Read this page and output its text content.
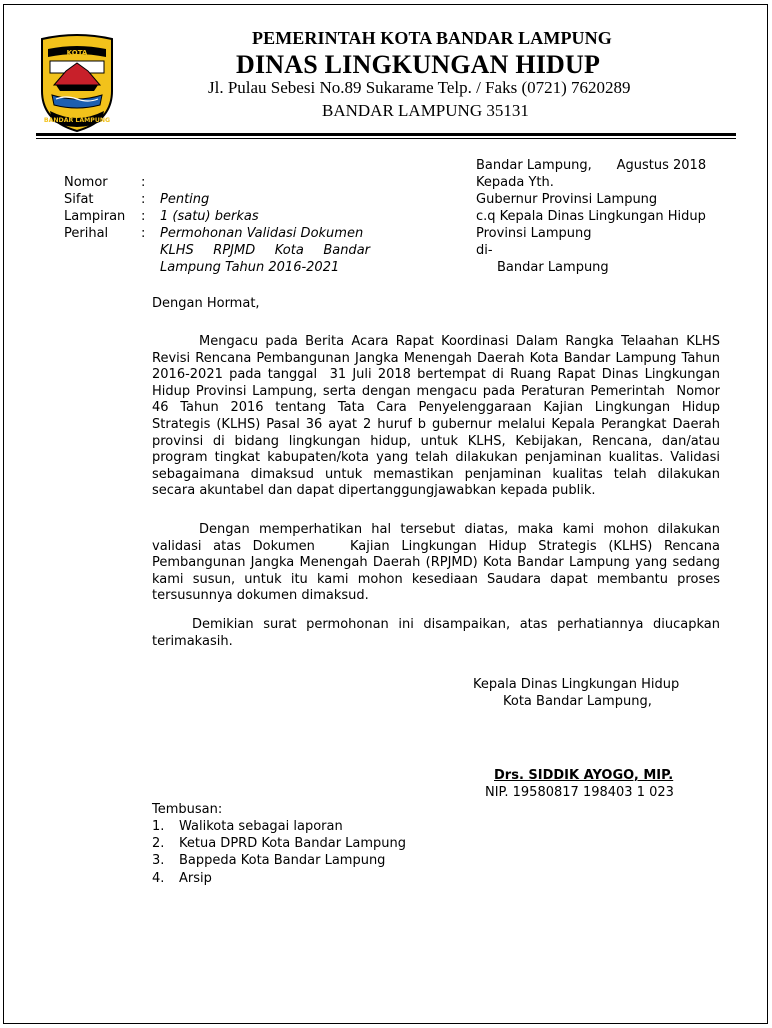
KOTA
BANDAR LAMPUNG
PEMERINTAH KOTA BANDAR LAMPUNG
DINAS LINGKUNGAN HIDUP
Jl. Pulau Sebesi No.89 Sukarame Telp. / Faks (0721) 7620289
BANDAR LAMPUNG 35131
Nomor	:
Sifat	: Penting
Lampiran : 1 (satu) berkas
Perihal	: Permohonan Validasi Dokumen
KLHS RPJMD Kota Bandar
Lampung Tahun 2016-2021
Bandar Lampung,      Agustus 2018
Kepada Yth.
Gubernur Provinsi Lampung
c.q Kepala Dinas Lingkungan Hidup
Provinsi Lampung
di-
Bandar Lampung
Dengan Hormat,
Mengacu pada Berita Acara Rapat Koordinasi Dalam Rangka Telaahan KLHS
Revisi Rencana Pembangunan Jangka Menengah Daerah Kota Bandar Lampung Tahun
2016-2021 pada tanggal  31 Juli 2018 bertempat di Ruang Rapat Dinas Lingkungan
Hidup Provinsi Lampung, serta dengan mengacu pada Peraturan Pemerintah  Nomor
46 Tahun 2016 tentang Tata Cara Penyelenggaraan Kajian Lingkungan Hidup
Strategis (KLHS) Pasal 36 ayat 2 huruf b gubernur melalui Kepala Perangkat Daerah
provinsi di bidang lingkungan hidup, untuk KLHS, Kebijakan, Rencana, dan/atau
program tingkat kabupaten/kota yang telah dilakukan penjaminan kualitas. Validasi
sebagaimana dimaksud untuk memastikan penjaminan kualitas telah dilakukan
secara akuntabel dan dapat dipertanggungjawabkan kepada publik.
Dengan memperhatikan hal tersebut diatas, maka kami mohon dilakukan
validasi atas Dokumen   Kajian Lingkungan Hidup Strategis (KLHS) Rencana
Pembangunan Jangka Menengah Daerah (RPJMD) Kota Bandar Lampung yang sedang
kami susun, untuk itu kami mohon kesediaan Saudara dapat membantu proses
tersusunnya dokumen dimaksud.
Demikian surat permohonan ini disampaikan, atas perhatiannya diucapkan
terimakasih.
Kepala Dinas Lingkungan Hidup
Kota Bandar Lampung,
Drs. SIDDIK AYOGO, MIP.
NIP. 19580817 198403 1 023
Tembusan:
1. Walikota sebagai laporan
2. Ketua DPRD Kota Bandar Lampung
3. Bappeda Kota Bandar Lampung
4. Arsip
